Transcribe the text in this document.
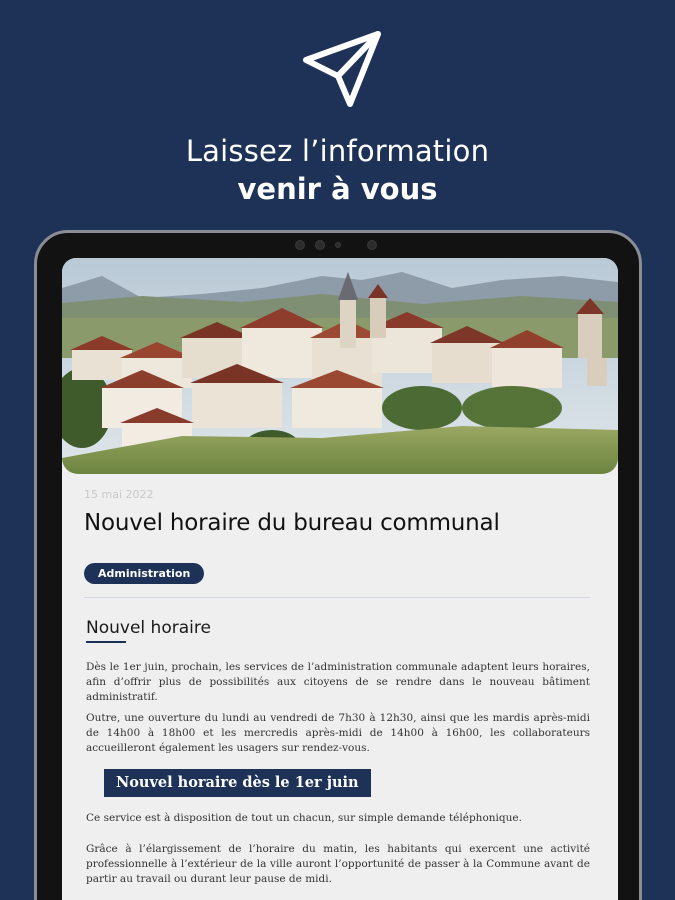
Laissez l’information
venir à vous
15 mai 2022
Nouvel horaire du bureau communal
Administration
Nouvel horaire

Dès le 1er juin, prochain, les services de l’administration communale adaptent leurs horaires, afin d’offrir plus de possibilités aux citoyens de se rendre dans le nouveau bâtiment administratif.

Outre, une ouverture du lundi au vendredi de 7h30 à 12h30, ainsi que les mardis après-midi de 14h00 à 18h00 et les mercredis après-midi de 14h00 à 16h00, les collaborateurs accueilleront également les usagers sur rendez-vous.

Nouvel horaire dès le 1er juin

Ce service est à disposition de tout un chacun, sur simple demande téléphonique.

Grâce à l’élargissement de l’horaire du matin, les habitants qui exercent une activité professionnelle à l’extérieur de la ville auront l’opportunité de passer à la Commune avant de partir au travail ou durant leur pause de midi.
